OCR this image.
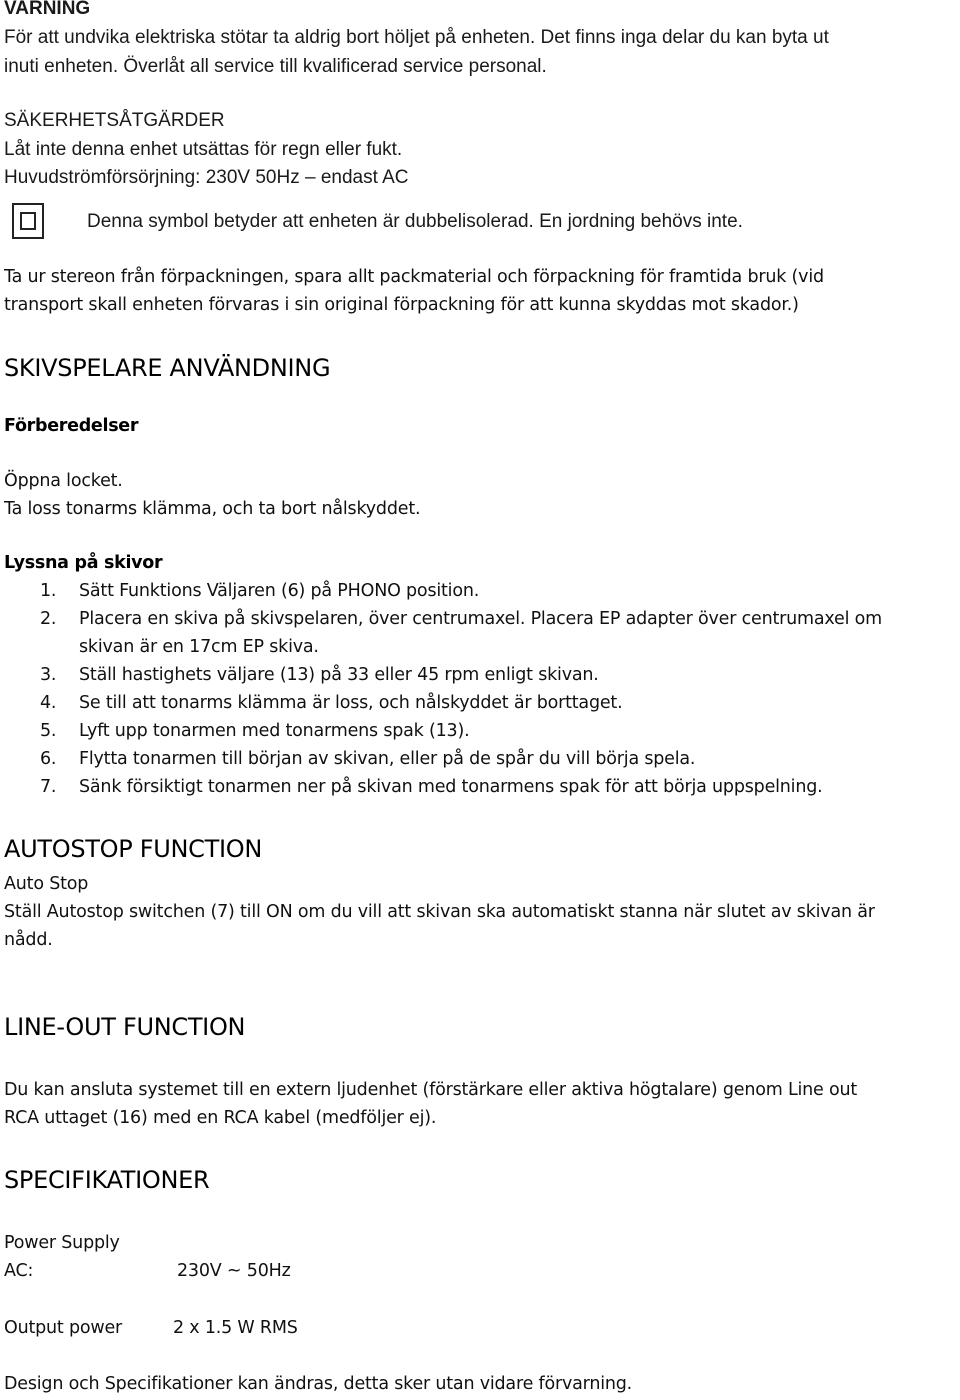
VARNING
För att undvika elektriska stötar ta aldrig bort höljet på enheten. Det finns inga delar du kan byta ut
inuti enheten. Överlåt all service till kvalificerad service personal.
SÄKERHETSÅTGÄRDER
Låt inte denna enhet utsättas för regn eller fukt.
Huvudströmförsörjning: 230V 50Hz – endast AC
Denna symbol betyder att enheten är dubbelisolerad. En jordning behövs inte.
Ta ur stereon från förpackningen, spara allt packmaterial och förpackning för framtida bruk (vid
transport skall enheten förvaras i sin original förpackning för att kunna skyddas mot skador.)
SKIVSPELARE ANVÄNDNING
Förberedelser
Öppna locket.
Ta loss tonarms klämma, och ta bort nålskyddet.
Lyssna på skivor
1. Sätt Funktions Väljaren (6) på PHONO position.
2. Placera en skiva på skivspelaren, över centrumaxel. Placera EP adapter över centrumaxel om
skivan är en 17cm EP skiva.
3. Ställ hastighets väljare (13) på 33 eller 45 rpm enligt skivan.
4. Se till att tonarms klämma är loss, och nålskyddet är borttaget.
5. Lyft upp tonarmen med tonarmens spak (13).
6. Flytta tonarmen till början av skivan, eller på de spår du vill börja spela.
7. Sänk försiktigt tonarmen ner på skivan med tonarmens spak för att börja uppspelning.
AUTOSTOP FUNCTION
Auto Stop
Ställ Autostop switchen (7) till ON om du vill att skivan ska automatiskt stanna när slutet av skivan är
nådd.
LINE-OUT FUNCTION
Du kan ansluta systemet till en extern ljudenhet (förstärkare eller aktiva högtalare) genom Line out
RCA uttaget (16) med en RCA kabel (medföljer ej).
SPECIFIKATIONER
Power Supply
AC:	230V ~ 50Hz
Output power	2 x 1.5 W RMS
Design och Specifikationer kan ändras, detta sker utan vidare förvarning.
